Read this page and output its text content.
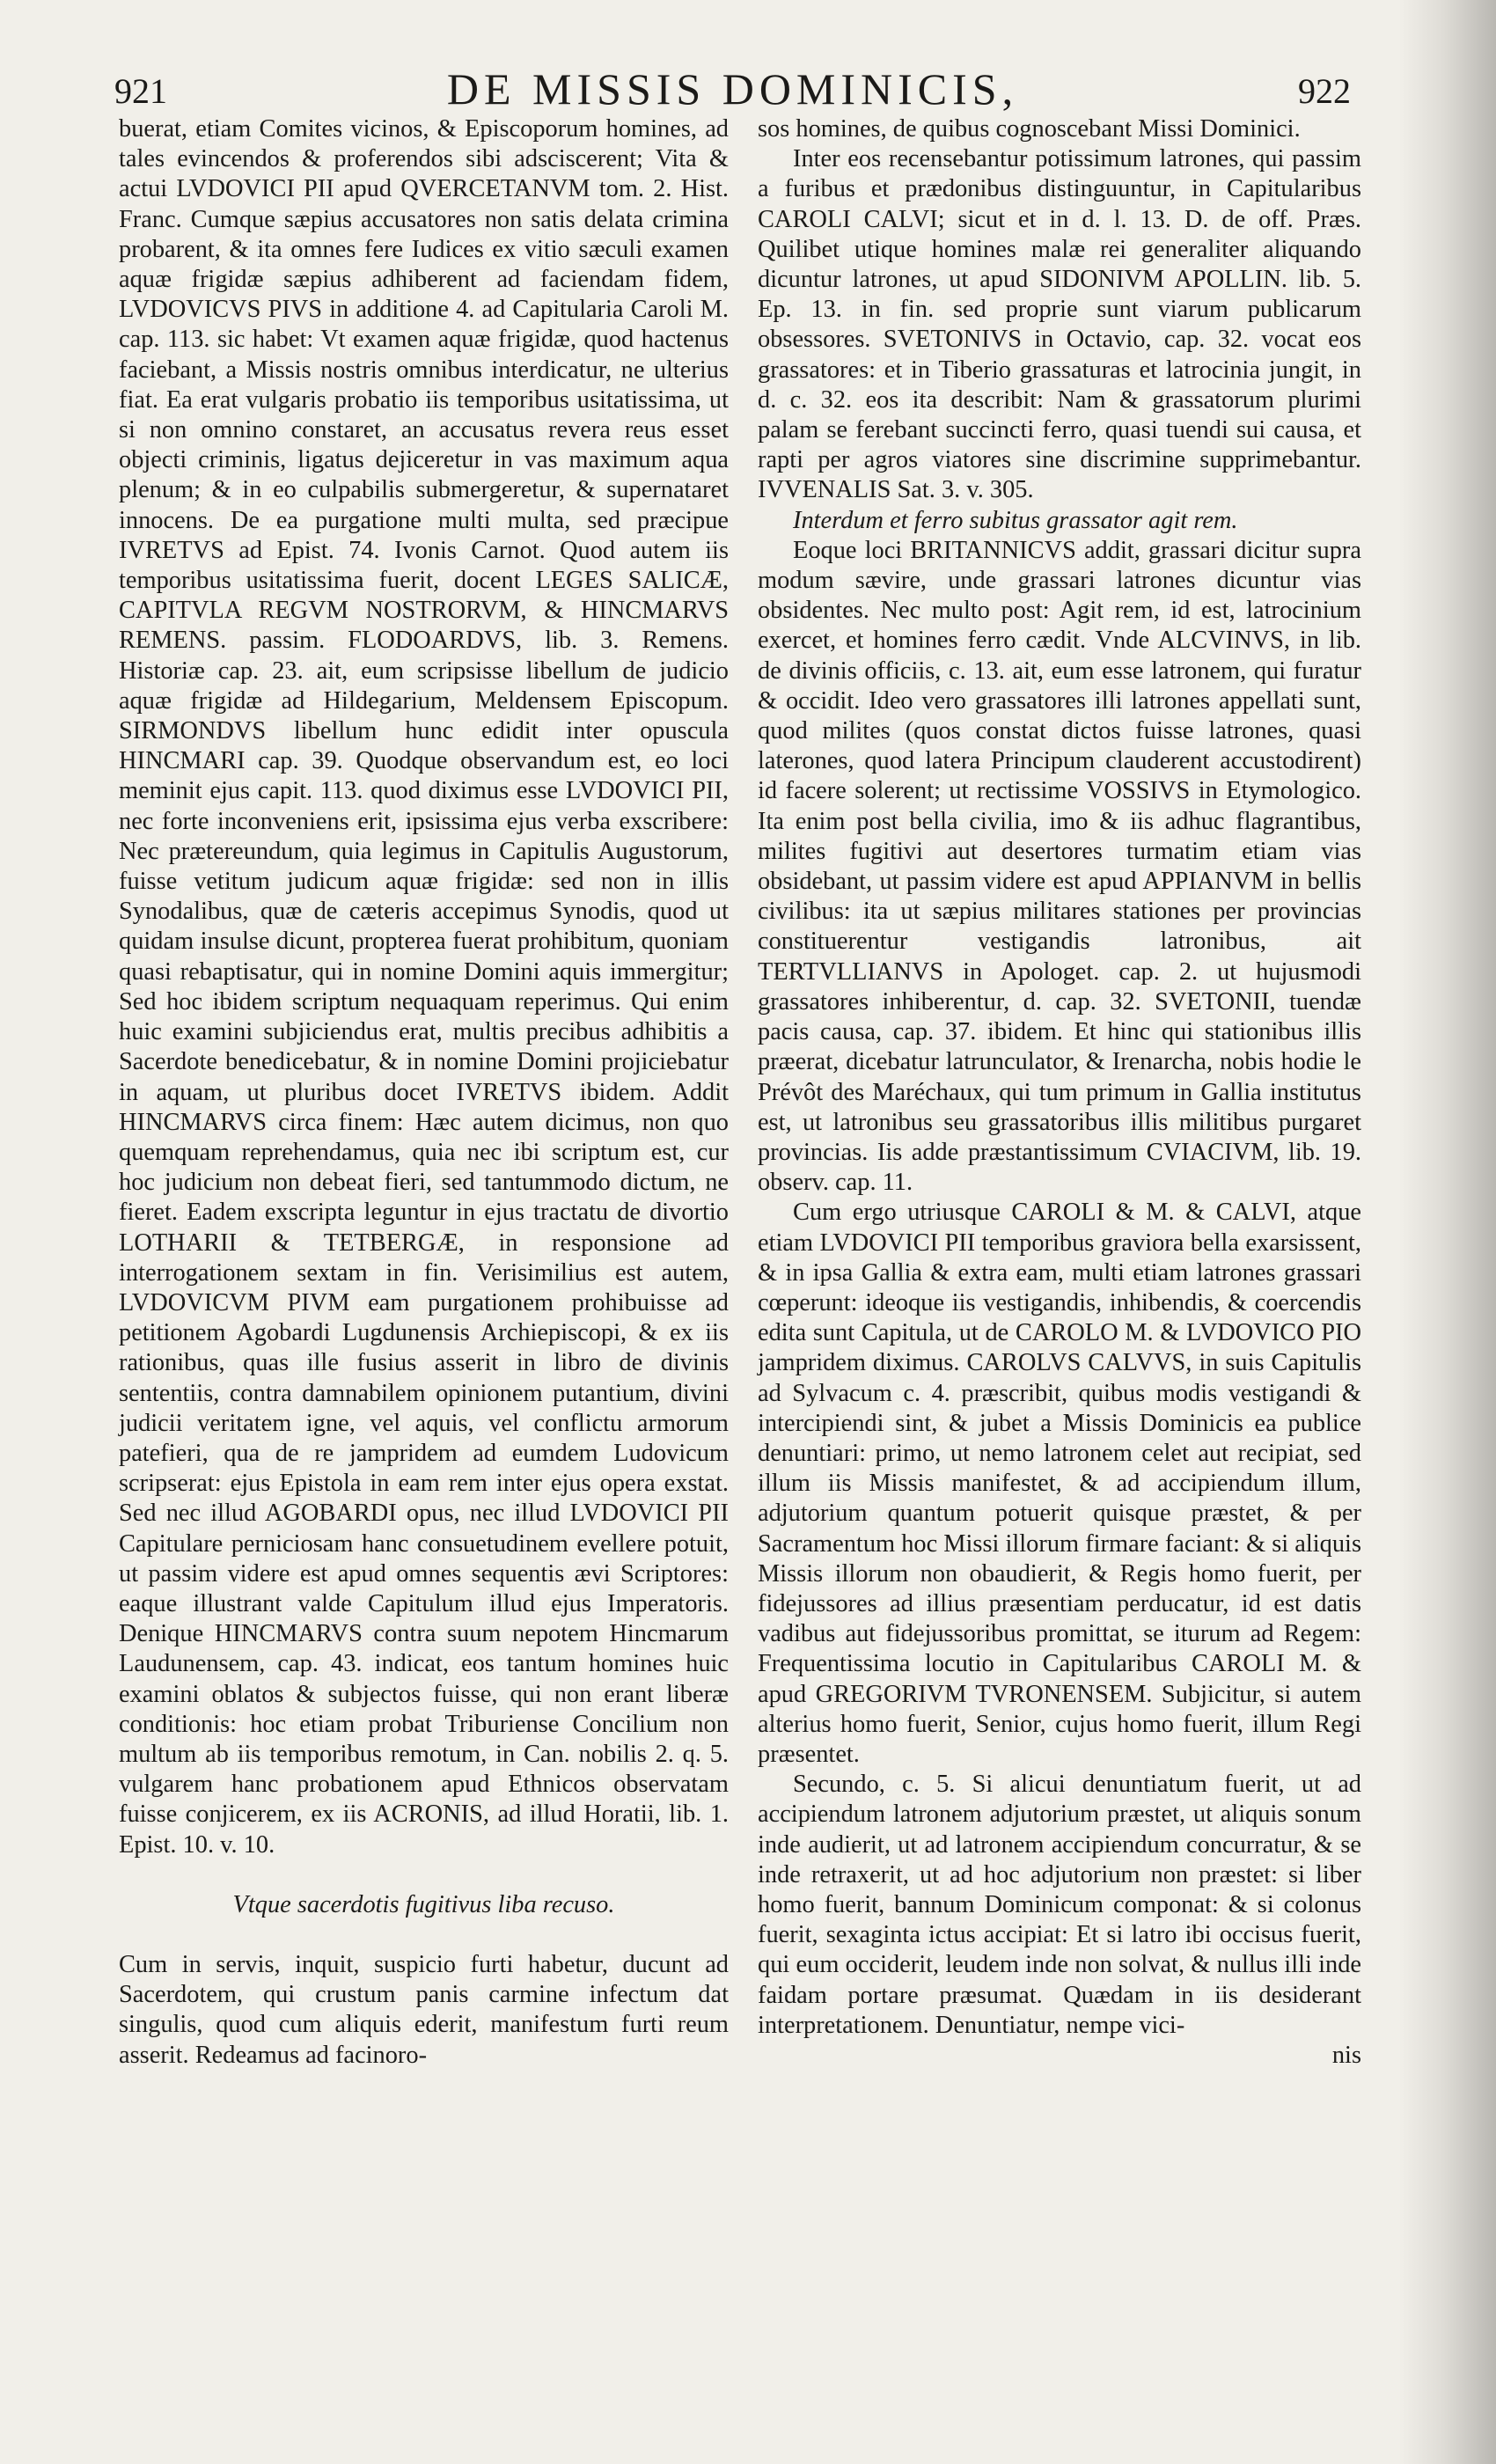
921	DE MISSIS DOMINICIS,	922

buerat, etiam Comites vicinos, & Episcoporum homines, ad tales evincendos & proferendos sibi adsciscerent; Vita & actui LVDOVICI PII apud QVERCETANVM tom. 2. Hist. Franc. Cumque sæpius accusatores non satis delata crimina probarent, & ita omnes fere Iudices ex vitio sæculi examen aquæ frigidæ sæpius adhiberent ad faciendam fidem, LVDOVICVS PIVS in additione 4. ad Capitularia Caroli M. cap. 113. sic habet: Vt examen aquæ frigidæ, quod hactenus faciebant, a Missis nostris omnibus interdicatur, ne ulterius fiat. Ea erat vulgaris probatio iis temporibus usitatissima, ut si non omnino constaret, an accusatus revera reus esset objecti criminis, ligatus dejiceretur in vas maximum aqua plenum; & in eo culpabilis submergeretur, & supernataret innocens. De ea purgatione multi multa, sed præcipue IVRETVS ad Epist. 74. Ivonis Carnot. Quod autem iis temporibus usitatissima fuerit, docent LEGES SALICÆ, CAPITVLA REGVM NOSTRORVM, & HINCMARVS REMENS. passim. FLODOARDVS, lib. 3. Remens. Historiæ cap. 23. ait, eum scripsisse libellum de judicio aquæ frigidæ ad Hildegarium, Meldensem Episcopum. SIRMONDVS libellum hunc edidit inter opuscula HINCMARI cap. 39. Quodque observandum est, eo loci meminit ejus capit. 113. quod diximus esse LVDOVICI PII, nec forte inconveniens erit, ipsissima ejus verba exscribere: Nec prætereundum, quia legimus in Capitulis Augustorum, fuisse vetitum judicum aquæ frigidæ: sed non in illis Synodalibus, quæ de cæteris accepimus Synodis, quod ut quidam insulse dicunt, propterea fuerat prohibitum, quoniam quasi rebaptisatur, qui in nomine Domini aquis immergitur; Sed hoc ibidem scriptum nequaquam reperimus. Qui enim huic examini subjiciendus erat, multis precibus adhibitis a Sacerdote benedicebatur, & in nomine Domini projiciebatur in aquam, ut pluribus docet IVRETVS ibidem. Addit HINCMARVS circa finem: Hæc autem dicimus, non quo quemquam reprehendamus, quia nec ibi scriptum est, cur hoc judicium non debeat fieri, sed tantummodo dictum, ne fieret. Eadem exscripta leguntur in ejus tractatu de divortio LOTHARII & TETBERGÆ, in responsione ad interrogationem sextam in fin. Verisimilius est autem, LVDOVICVM PIVM eam purgationem prohibuisse ad petitionem Agobardi Lugdunensis Archiepiscopi, & ex iis rationibus, quas ille fusius asserit in libro de divinis sententiis, contra damnabilem opinionem putantium, divini judicii veritatem igne, vel aquis, vel conflictu armorum patefieri, qua de re jampridem ad eumdem Ludovicum scripserat: ejus Epistola in eam rem inter ejus opera exstat. Sed nec illud AGOBARDI opus, nec illud LVDOVICI PII Capitulare perniciosam hanc consuetudinem evellere potuit, ut passim videre est apud omnes sequentis ævi Scriptores: eaque illustrant valde Capitulum illud ejus Imperatoris. Denique HINCMARVS contra suum nepotem Hincmarum Laudunensem, cap. 43. indicat, eos tantum homines huic examini oblatos & subjectos fuisse, qui non erant liberæ conditionis: hoc etiam probat Triburiense Concilium non multum ab iis temporibus remotum, in Can. nobilis 2. q. 5. vulgarem hanc probationem apud Ethnicos observatam fuisse conjicerem, ex iis ACRONIS, ad illud Horatii, lib. 1. Epist. 10. v. 10.

Vtque sacerdotis fugitivus liba recuso.

Cum in servis, inquit, suspicio furti habetur, ducunt ad Sacerdotem, qui crustum panis carmine infectum dat singulis, quod cum aliquis ederit, manifestum furti reum asserit. Redeamus ad facinoro-

sos homines, de quibus cognoscebant Missi Dominici.

Inter eos recensebantur potissimum latrones, qui passim a furibus et prædonibus distinguuntur, in Capitularibus CAROLI CALVI; sicut et in d. l. 13. D. de off. Præs. Quilibet utique homines malæ rei generaliter aliquando dicuntur latrones, ut apud SIDONIVM APOLLIN. lib. 5. Ep. 13. in fin. sed proprie sunt viarum publicarum obsessores. SVETONIVS in Octavio, cap. 32. vocat eos grassatores: et in Tiberio grassaturas et latrocinia jungit, in d. c. 32. eos ita describit: Nam & grassatorum plurimi palam se ferebant succincti ferro, quasi tuendi sui causa, et rapti per agros viatores sine discrimine supprimebantur. IVVENALIS Sat. 3. v. 305.

Interdum et ferro subitus grassator agit rem.

Eoque loci BRITANNICVS addit, grassari dicitur supra modum sævire, unde grassari latrones dicuntur vias obsidentes. Nec multo post: Agit rem, id est, latrocinium exercet, et homines ferro cædit. Vnde ALCVINVS, in lib. de divinis officiis, c. 13. ait, eum esse latronem, qui furatur & occidit. Ideo vero grassatores illi latrones appellati sunt, quod milites (quos constat dictos fuisse latrones, quasi laterones, quod latera Principum clauderent accustodirent) id facere solerent; ut rectissime VOSSIVS in Etymologico. Ita enim post bella civilia, imo & iis adhuc flagrantibus, milites fugitivi aut desertores turmatim etiam vias obsidebant, ut passim videre est apud APPIANVM in bellis civilibus: ita ut sæpius militares stationes per provincias constituerentur vestigandis latronibus, ait TERTVLLIANVS in Apologet. cap. 2. ut hujusmodi grassatores inhiberentur, d. cap. 32. SVETONII, tuendæ pacis causa, cap. 37. ibidem. Et hinc qui stationibus illis præerat, dicebatur latrunculator, & Irenarcha, nobis hodie le Prévôt des Maréchaux, qui tum primum in Gallia institutus est, ut latronibus seu grassatoribus illis militibus purgaret provincias. Iis adde præstantissimum CVIACIVM, lib. 19. observ. cap. 11.

Cum ergo utriusque CAROLI & M. & CALVI, atque etiam LVDOVICI PII temporibus graviora bella exarsissent, & in ipsa Gallia & extra eam, multi etiam latrones grassari cœperunt: ideoque iis vestigandis, inhibendis, & coercendis edita sunt Capitula, ut de CAROLO M. & LVDOVICO PIO jampridem diximus. CAROLVS CALVVS, in suis Capitulis ad Sylvacum c. 4. præscribit, quibus modis vestigandi & intercipiendi sint, & jubet a Missis Dominicis ea publice denuntiari: primo, ut nemo latronem celet aut recipiat, sed illum iis Missis manifestet, & ad accipiendum illum, adjutorium quantum potuerit quisque præstet, & per Sacramentum hoc Missi illorum firmare faciant: & si aliquis Missis illorum non obaudierit, & Regis homo fuerit, per fidejussores ad illius præsentiam perducatur, id est datis vadibus aut fidejussoribus promittat, se iturum ad Regem: Frequentissima locutio in Capitularibus CAROLI M. & apud GREGORIVM TVRONENSEM. Subjicitur, si autem alterius homo fuerit, Senior, cujus homo fuerit, illum Regi præsentet.

Secundo, c. 5. Si alicui denuntiatum fuerit, ut ad accipiendum latronem adjutorium præstet, ut aliquis sonum inde audierit, ut ad latronem accipiendum concurratur, & se inde retraxerit, ut ad hoc adjutorium non præstet: si liber homo fuerit, bannum Dominicum componat: & si colonus fuerit, sexaginta ictus accipiat: Et si latro ibi occisus fuerit, qui eum occiderit, leudem inde non solvat, & nullus illi inde faidam portare præsumat. Quædam in iis desiderant interpretationem. Denuntiatur, nempe vici-

nis
